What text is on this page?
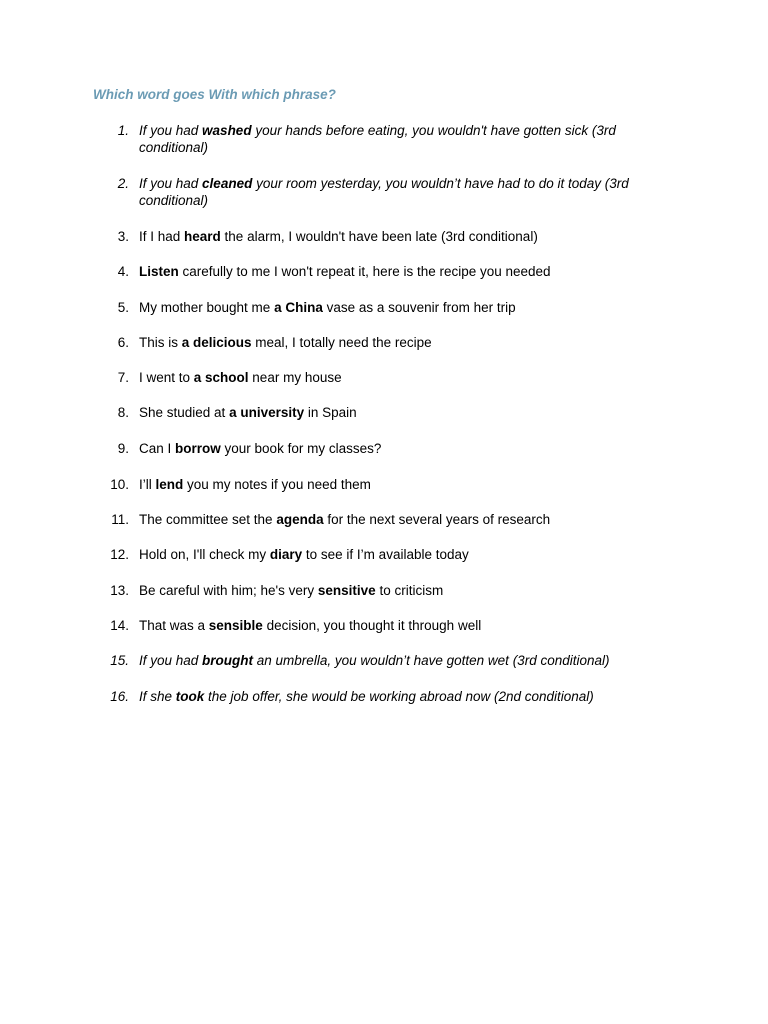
Which word goes With which phrase?
1. If you had washed your hands before eating, you wouldn't have gotten sick (3rd conditional)
2. If you had cleaned your room yesterday, you wouldn’t have had to do it today (3rd conditional)
3. If I had heard the alarm, I wouldn't have been late (3rd conditional)
4. Listen carefully to me I won't repeat it, here is the recipe you needed
5. My mother bought me a China vase as a souvenir from her trip
6. This is a delicious meal, I totally need the recipe
7. I went to a school near my house
8. She studied at a university in Spain
9. Can I borrow your book for my classes?
10. I’ll lend you my notes if you need them
11. The committee set the agenda for the next several years of research
12. Hold on, I'll check my diary to see if I’m available today
13. Be careful with him; he's very sensitive to criticism
14. That was a sensible decision, you thought it through well
15. If you had brought an umbrella, you wouldn’t have gotten wet (3rd conditional)
16. If she took the job offer, she would be working abroad now (2nd conditional)
